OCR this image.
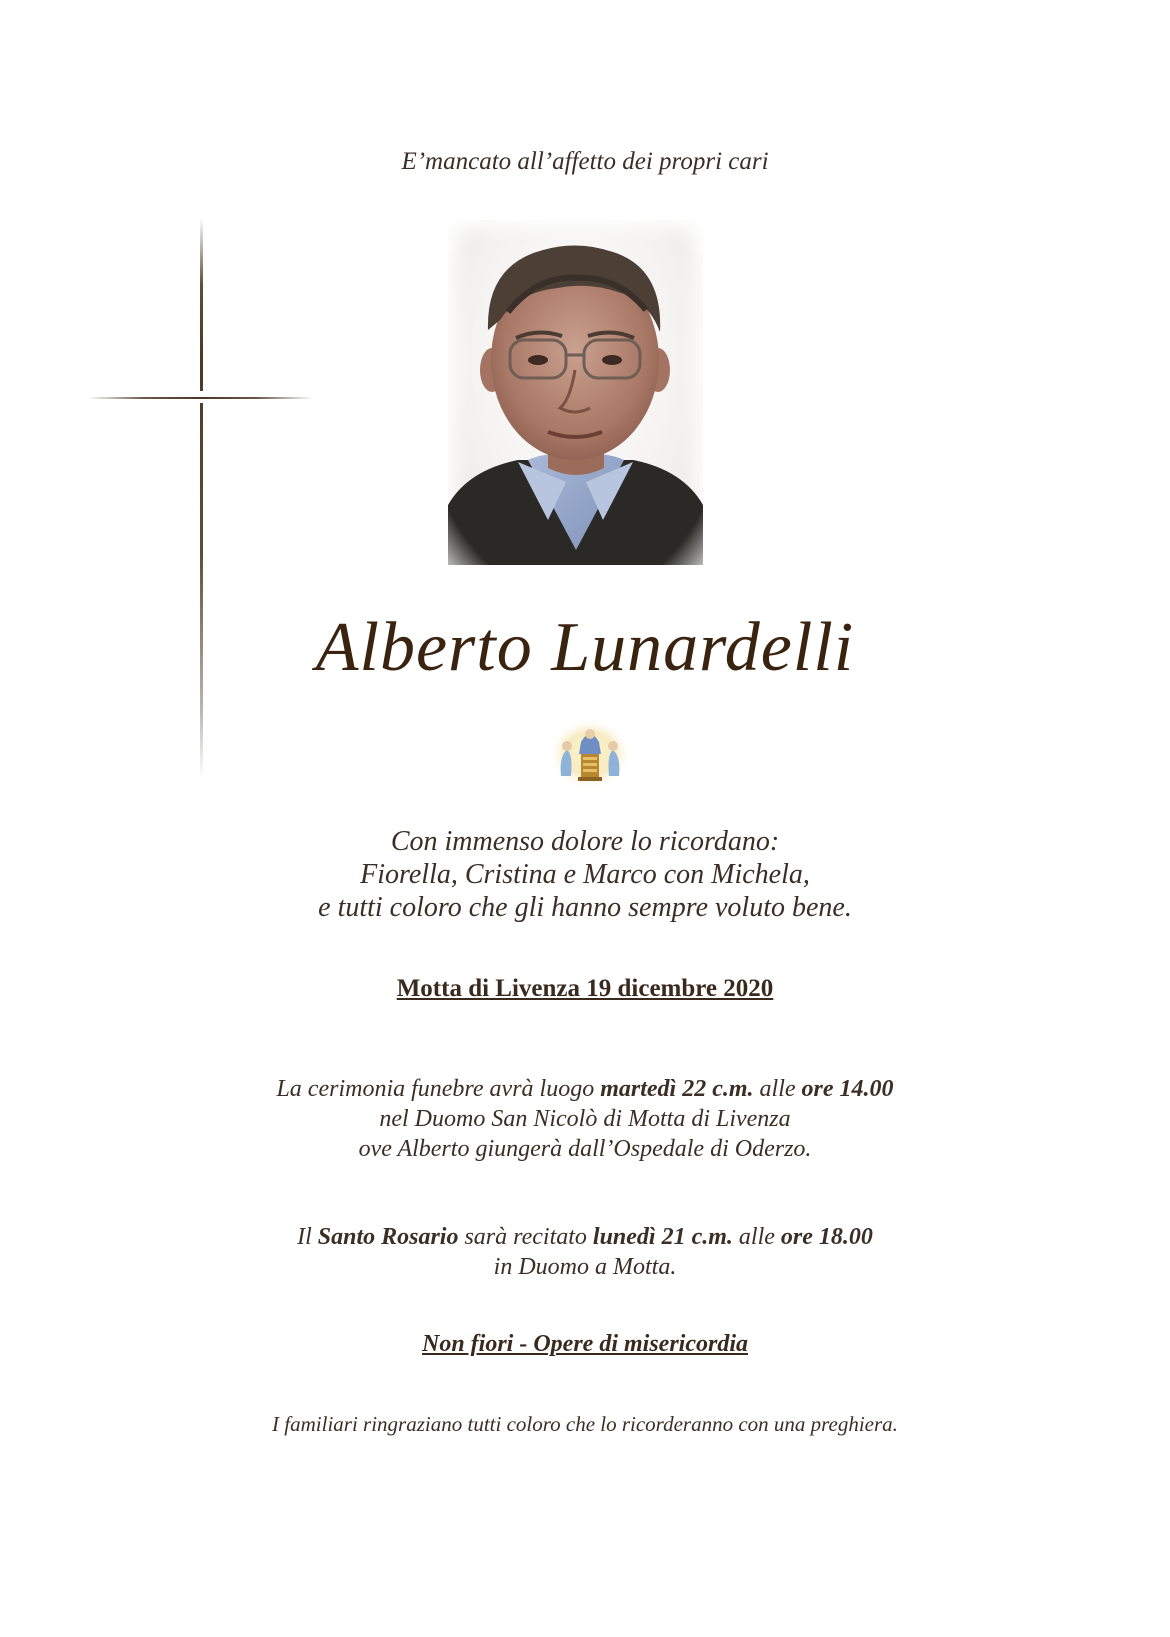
E’mancato all’affetto dei propri cari
Alberto Lunardelli
Con immenso dolore lo ricordano:
Fiorella, Cristina e Marco con Michela,
e tutti coloro che gli hanno sempre voluto bene.
Motta di Livenza 19 dicembre 2020
La cerimonia funebre avrà luogo martedì 22 c.m. alle ore 14.00
nel Duomo San Nicolò di Motta di Livenza
ove Alberto giungerà dall’Ospedale di Oderzo.
Il Santo Rosario sarà recitato lunedì 21 c.m. alle ore 18.00
in Duomo a Motta.
Non fiori - Opere di misericordia
I familiari ringraziano tutti coloro che lo ricorderanno con una preghiera.
